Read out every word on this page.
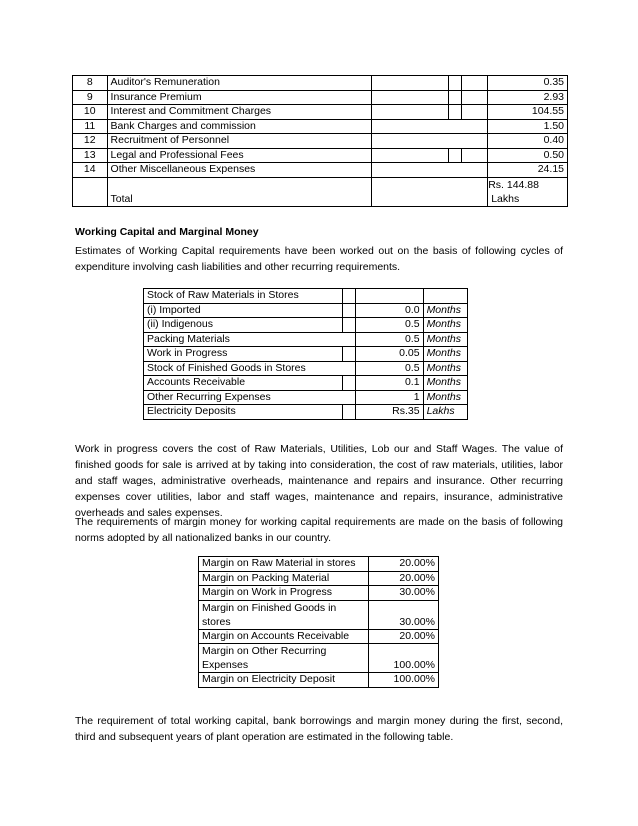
8	Auditor's Remuneration				0.35
9	Insurance Premium				2.93
10	Interest and Commitment Charges				104.55
11	Bank Charges and commission				1.50
12	Recruitment of Personnel				0.40
13	Legal and Professional Fees				0.50
14	Other Miscellaneous Expenses				24.15
	Total				Rs. 144.88
Lakhs
Working Capital and Marginal Money

Estimates of Working Capital requirements have been worked out on the basis of following cycles of expenditure involving cash liabilities and other recurring requirements.

Stock of Raw Materials in Stores			
(i) Imported		0.0	Months
(ii) Indigenous		0.5	Months
Packing Materials		0.5	Months
Work in Progress		0.05	Months
Stock of Finished Goods in Stores		0.5	Months
Accounts Receivable		0.1	Months
Other Recurring Expenses		1	Months
Electricity Deposits		Rs.35	Lakhs

Work in progress covers the cost of Raw Materials, Utilities, Lob our and Staff Wages. The value of finished goods for sale is arrived at by taking into consideration, the cost of raw materials, utilities, labor and staff wages, administrative overheads, maintenance and repairs and insurance. Other recurring expenses cover utilities, labor and staff wages, maintenance and repairs, insurance, administrative overheads and sales expenses.

The requirements of margin money for working capital requirements are made on the basis of following norms adopted by all nationalized banks in our country.

Margin on Raw Material in stores	20.00%
Margin on Packing Material	20.00%
Margin on Work in Progress	30.00%

Margin on Finished Goods in
stores	30.00%
Margin on Accounts Receivable	20.00%

Margin on Other Recurring
Expenses	100.00%
Margin on Electricity Deposit	100.00%

The requirement of total working capital, bank borrowings and margin money during the first, second, third and subsequent years of plant operation are estimated in the following table.
